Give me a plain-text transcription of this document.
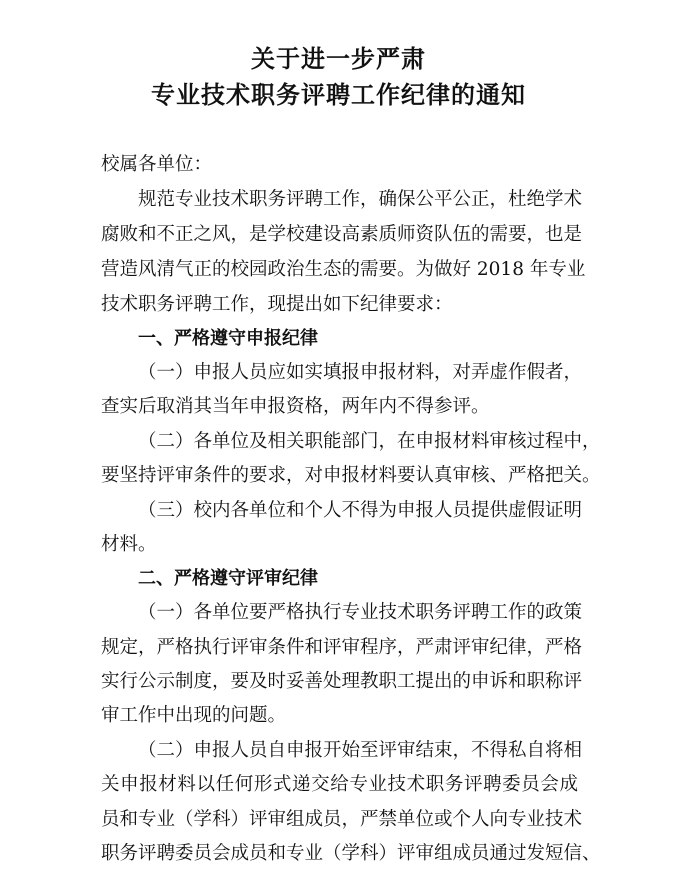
关于进一步严肃
专业技术职务评聘工作纪律的通知
校属各单位：
规范专业技术职务评聘工作，确保公平公正，杜绝学术
腐败和不正之风，是学校建设高素质师资队伍的需要，也是
营造风清气正的校园政治生态的需要。为做好 2018 年专业
技术职务评聘工作，现提出如下纪律要求：
一、严格遵守申报纪律
（一）申报人员应如实填报申报材料，对弄虚作假者，
查实后取消其当年申报资格，两年内不得参评。
（二）各单位及相关职能部门，在申报材料审核过程中，
要坚持评审条件的要求，对申报材料要认真审核、严格把关。
（三）校内各单位和个人不得为申报人员提供虚假证明
材料。
二、严格遵守评审纪律
（一）各单位要严格执行专业技术职务评聘工作的政策
规定，严格执行评审条件和评审程序，严肃评审纪律，严格
实行公示制度，要及时妥善处理教职工提出的申诉和职称评
审工作中出现的问题。
（二）申报人员自申报开始至评审结束，不得私自将相
关申报材料以任何形式递交给专业技术职务评聘委员会成
员和专业（学科）评审组成员，严禁单位或个人向专业技术
职务评聘委员会成员和专业（学科）评审组成员通过发短信、
